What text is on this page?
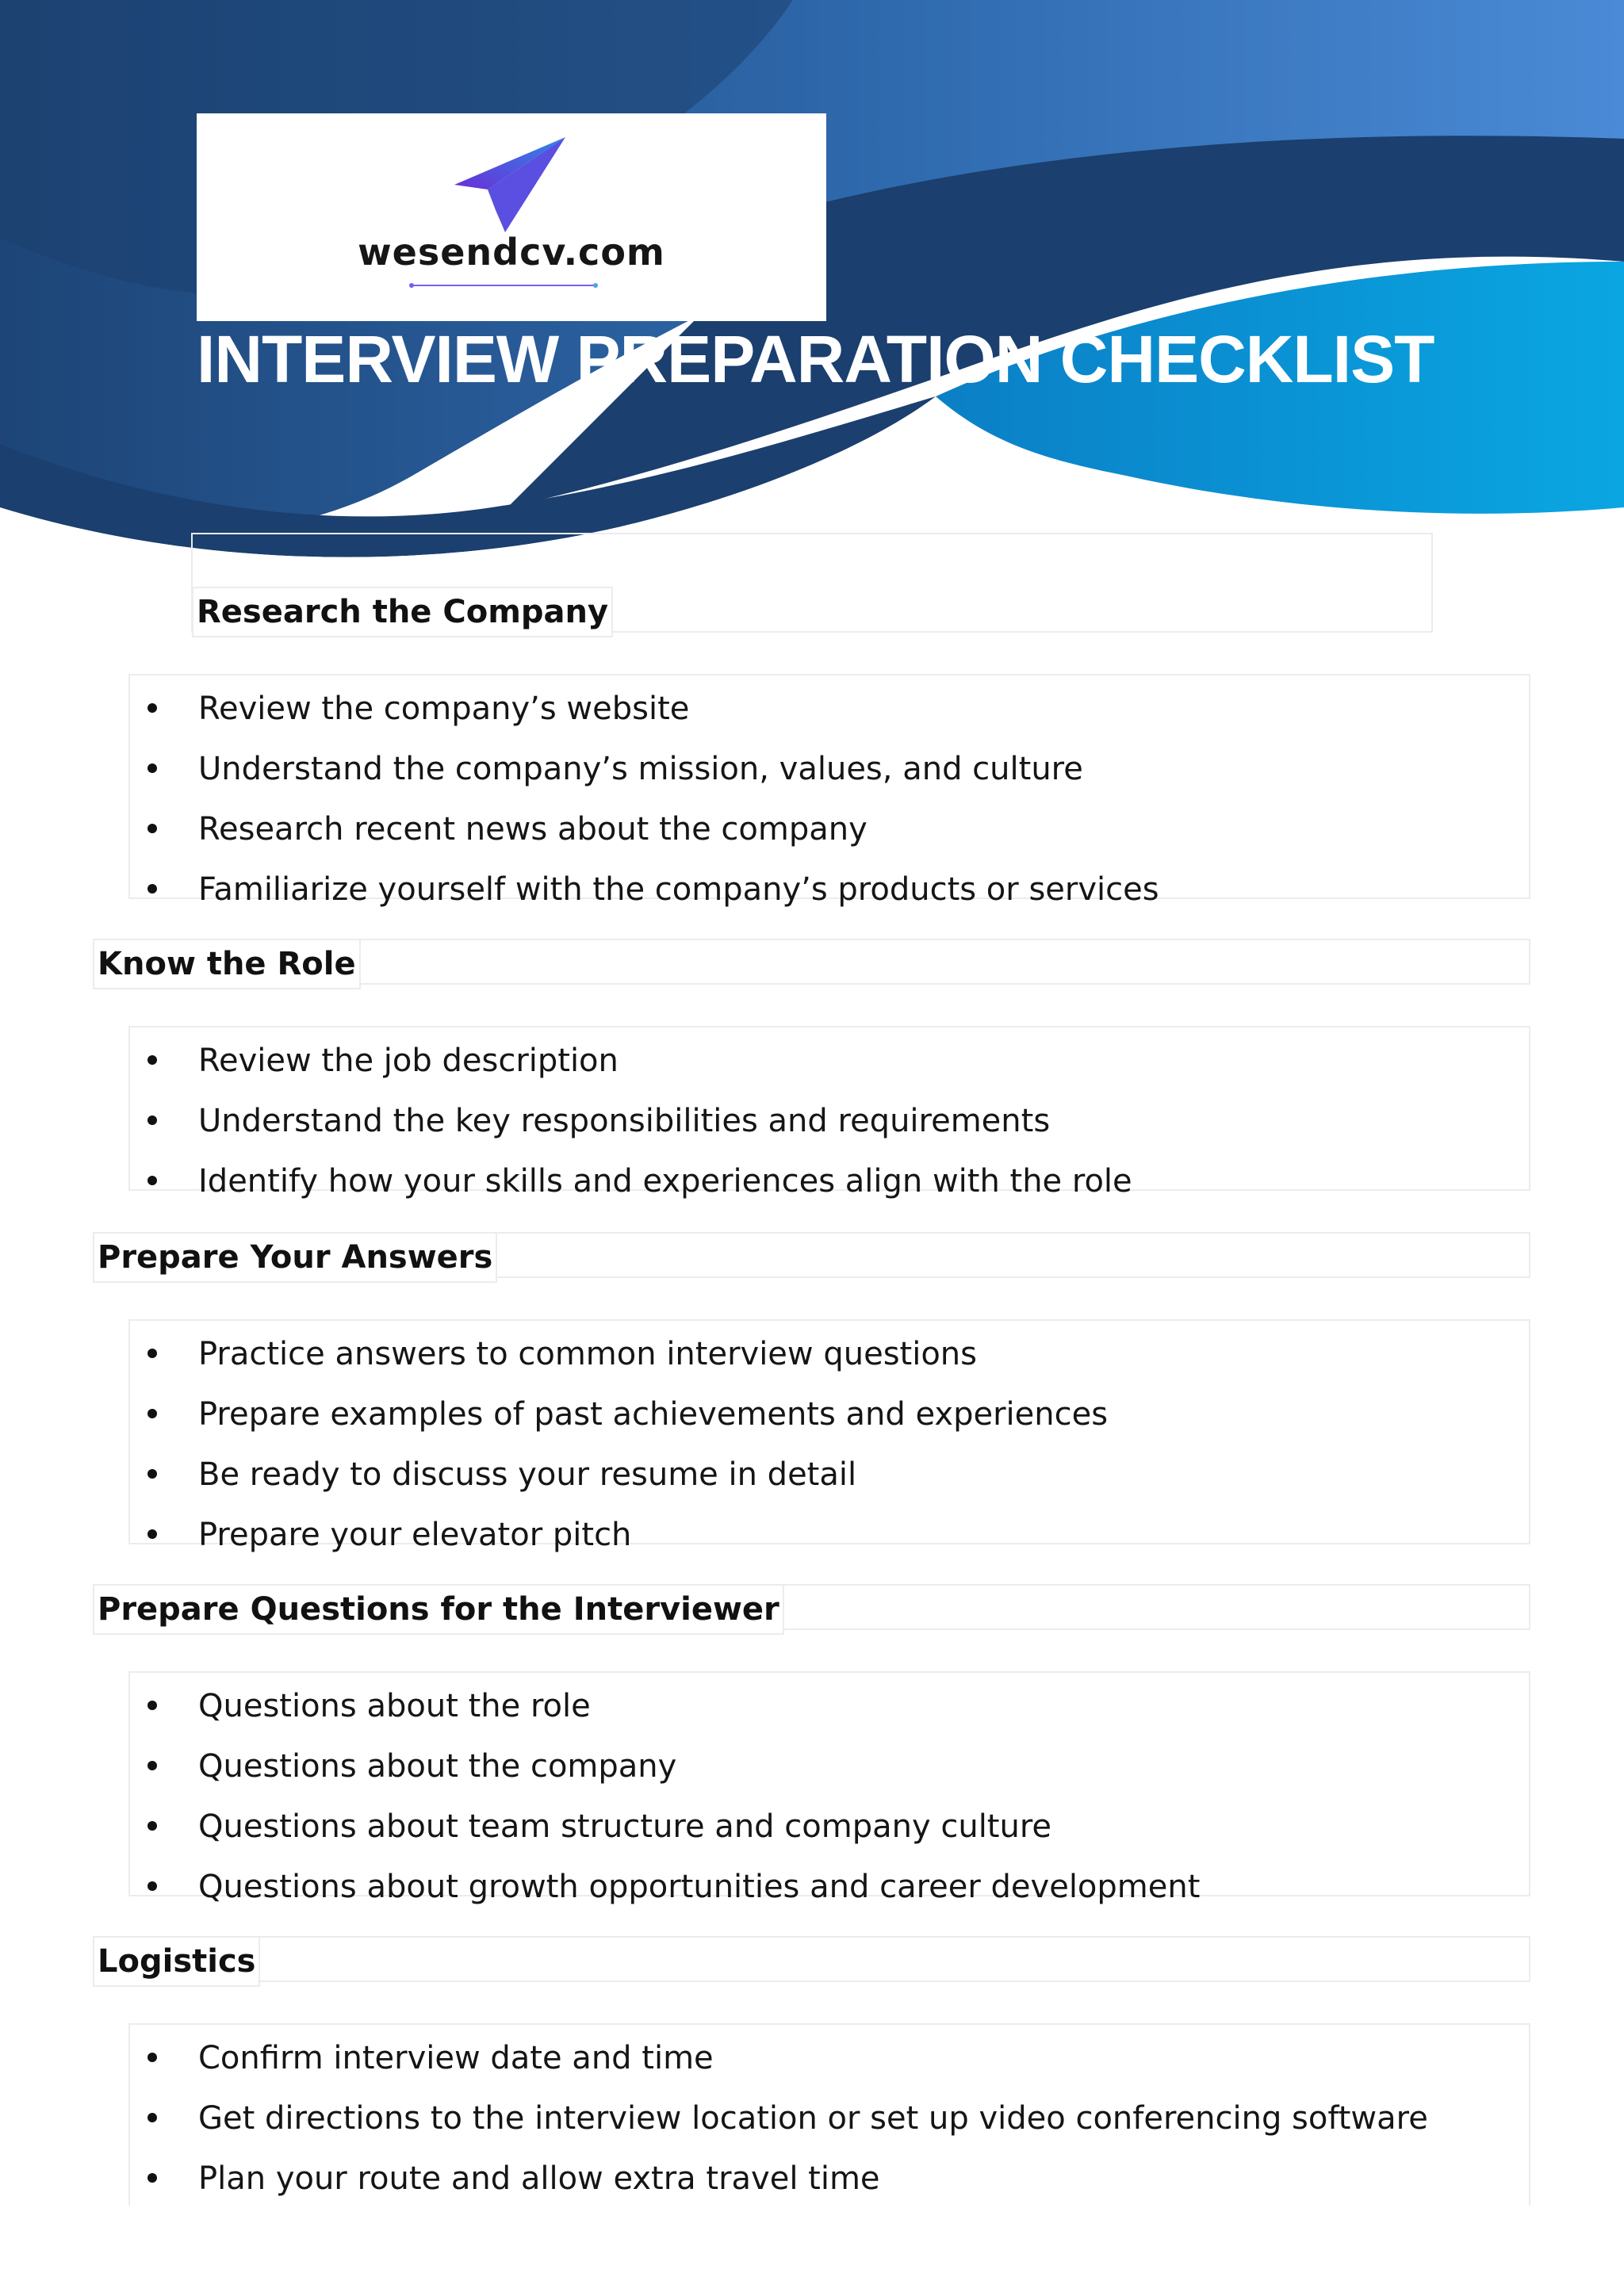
wesendcv.com
INTERVIEW PREPARATION CHECKLIST
Research the Company
Review the company’s website
Understand the company’s mission, values, and culture
Research recent news about the company
Familiarize yourself with the company’s products or services
Know the Role
Review the job description
Understand the key responsibilities and requirements
Identify how your skills and experiences align with the role
Prepare Your Answers
Practice answers to common interview questions
Prepare examples of past achievements and experiences
Be ready to discuss your resume in detail
Prepare your elevator pitch
Prepare Questions for the Interviewer
Questions about the role
Questions about the company
Questions about team structure and company culture
Questions about growth opportunities and career development
Logistics
Confirm interview date and time
Get directions to the interview location or set up video conferencing software
Plan your route and allow extra travel time
